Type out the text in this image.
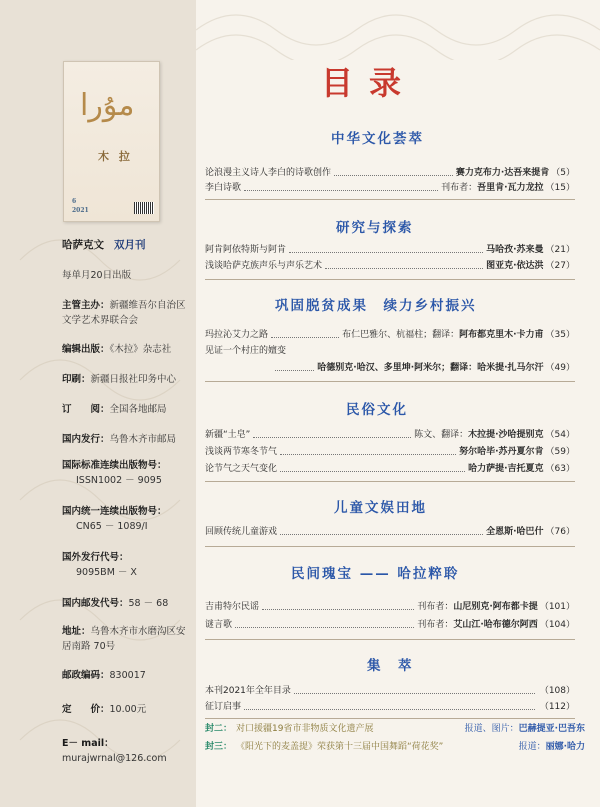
مۇرا
木 拉
6
2021
哈萨克文 双月刊
每单月20日出版
主管主办：新疆维吾尔自治区文学艺术界联合会
编辑出版：《木拉》杂志社
印刷：新疆日报社印务中心
订　　阅：全国各地邮局
国内发行：乌鲁木齐市邮局
国际标准连续出版物号：
ISSN1002 － 9095
国内统一连续出版物号：
CN65 － 1089/I
国外发行代号：
9095BM － X
国内邮发代号：58 － 68
地址：乌鲁木齐市水磨沟区安居南路 70号
邮政编码：830017
定　　价：10.00元
E－ mail：murajwrnal@126.com
目录
中华文化荟萃
论浪漫主义诗人李白的诗歌创作	赛力克布力·达吾来提肯 （5）
李白诗歌	刊布者： 吾里肯·瓦力龙拉 （15）
研究与探索
阿肯阿依特斯与阿肯	马哈孜·苏来曼 （21）
浅谈哈萨克族声乐与声乐艺术	图亚克·依达洪 （27）
巩固脱贫成果　续力乡村振兴
玛拉沁艾力之路	布仁巴雅尔、杭福柱；翻译： 阿布都克里木·卡力甫 （35）
见证一个村庄的嬗变
哈德别克·哈汉、多里坤·阿米尔；翻译：哈米提·扎马尔汗 （49）
民俗文化
新疆“土皂”	陈文、翻译： 木拉提·沙哈提别克 （54）
浅谈两节寒冬节气	努尔哈毕·苏丹夏尔肯 （59）
论节气之天气变化	哈力萨提·吉托夏克 （63）
儿童文娱田地
回顾传统儿童游戏	全恩斯·哈巴什 （76）
民间瑰宝 —— 哈拉粹聆
吉甫特尔民谣	刊布者： 山尼别克·阿布都卡提 （101）
谜言歌	刊布者： 艾山江·哈布德尔阿西 （104）
集　萃
本刊2021年全年目录	（108）
征订启事	（112）
封二： 对口援疆19省市非物质文化遗产展	报道、图片： 巴赫提亚·巴吾东
封三： 《阳光下的麦盖提》荣获第十三届中国舞蹈“荷花奖”	报道： 丽娜·哈力
